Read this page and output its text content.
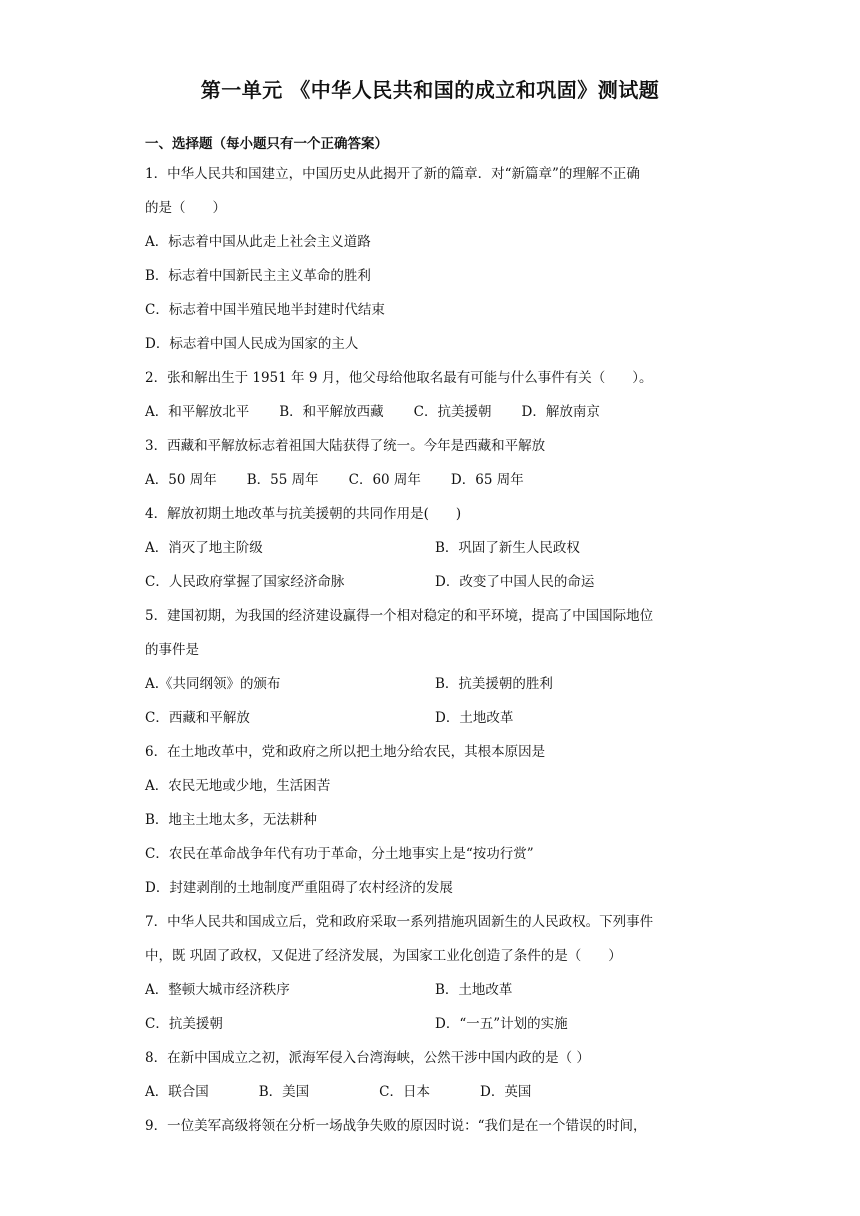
第一单元 《中华人民共和国的成立和巩固》测试题
一、选择题（每小题只有一个正确答案）
1．中华人民共和国建立，中国历史从此揭开了新的篇章．对“新篇章”的理解不正确
的是（　　）
A．标志着中国从此走上社会主义道路
B．标志着中国新民主主义革命的胜利
C．标志着中国半殖民地半封建时代结束
D．标志着中国人民成为国家的主人
2．张和解出生于 1951 年 9 月，他父母给他取名最有可能与什么事件有关（　　）。
A．和平解放北平 B．和平解放西藏 C．抗美援朝 D．解放南京
3．西藏和平解放标志着祖国大陆获得了统一。今年是西藏和平解放
A．50 周年 B．55 周年 C．60 周年 D．65 周年
4．解放初期土地改革与抗美援朝的共同作用是(　　)
A．消灭了地主阶级	B．巩固了新生人民政权
C．人民政府掌握了国家经济命脉	D．改变了中国人民的命运
5．建国初期，为我国的经济建设赢得一个相对稳定的和平环境，提高了中国国际地位
的事件是
A.《共同纲领》的颁布	B．抗美援朝的胜利
C．西藏和平解放	D．土地改革
6．在土地改革中，党和政府之所以把土地分给农民，其根本原因是
A．农民无地或少地，生活困苦
B．地主土地太多，无法耕种
C．农民在革命战争年代有功于革命，分土地事实上是“按功行赏”
D．封建剥削的土地制度严重阻碍了农村经济的发展
7．中华人民共和国成立后，党和政府采取一系列措施巩固新生的人民政权。下列事件
中，既 巩固了政权，又促进了经济发展，为国家工业化创造了条件的是（　　）
A．整顿大城市经济秩序	B．土地改革
C．抗美援朝	D．“一五”计划的实施
8．在新中国成立之初，派海军侵入台湾海峡，公然干涉中国内政的是（ ）
A．联合国	B．美国	C．日本	D．英国
9．一位美军高级将领在分析一场战争失败的原因时说：“我们是在一个错误的时间，
